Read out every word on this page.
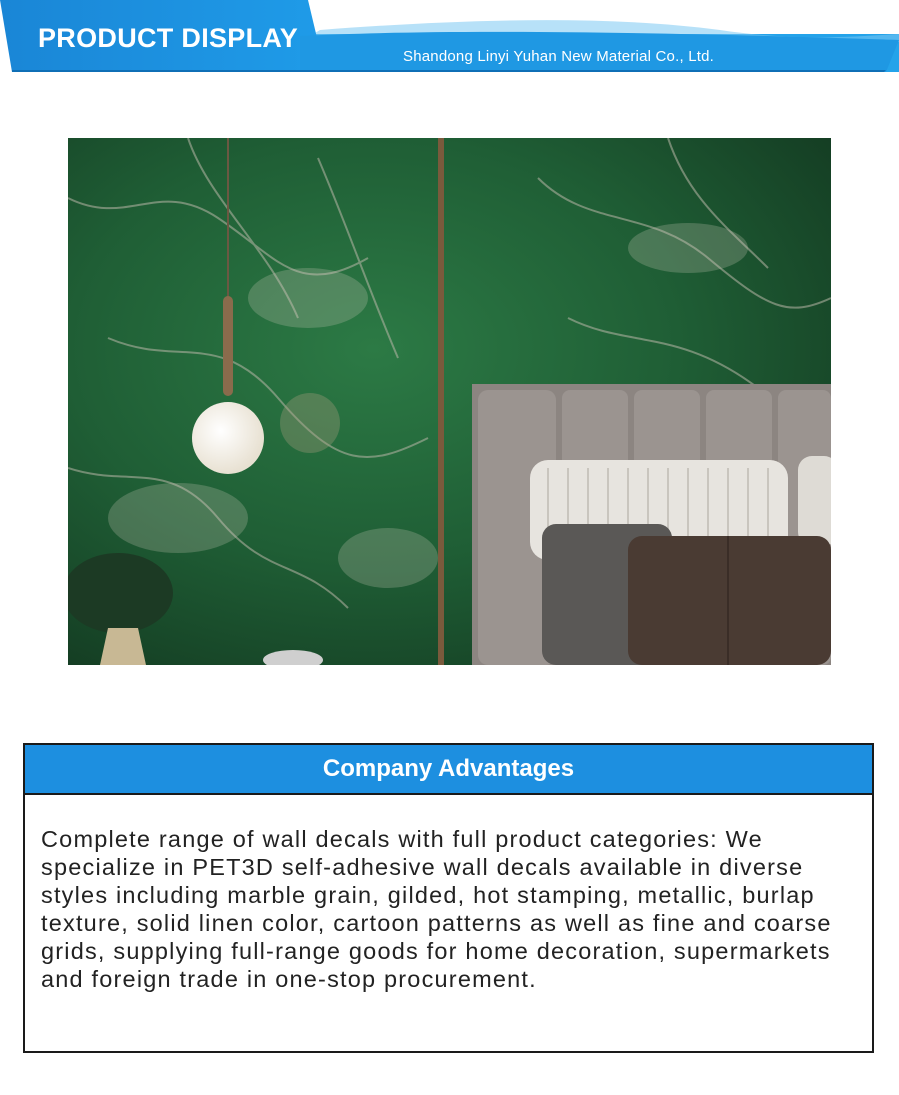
PRODUCT DISPLAY
Shandong Linyi Yuhan New Material Co., Ltd.
Company Advantages
Complete range of wall decals with full product categories: We specialize in PET3D self-adhesive wall decals available in diverse styles including marble grain, gilded, hot stamping, metallic, burlap texture, solid linen color, cartoon patterns as well as fine and coarse grids, supplying full-range goods for home decoration, supermarkets and foreign trade in one-stop procurement.
